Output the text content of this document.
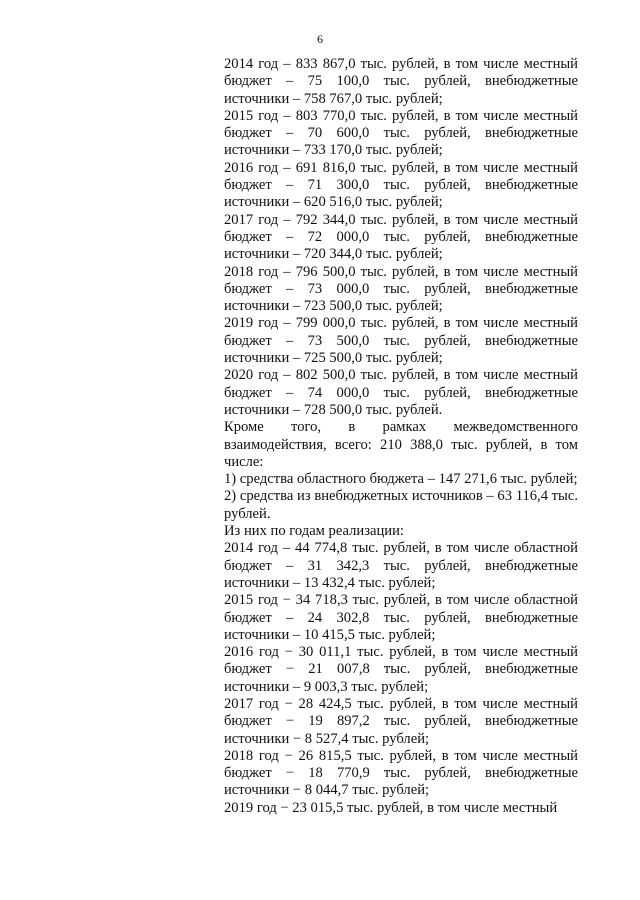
6

2014 год – 833 867,0 тыс. рублей, в том числе местный бюджет – 75 100,0 тыс. рублей, внебюджетные источники – 758 767,0 тыс. рублей;

2015 год – 803 770,0 тыс. рублей, в том числе местный бюджет – 70 600,0 тыс. рублей, внебюджетные источники – 733 170,0 тыс. рублей;

2016 год – 691 816,0 тыс. рублей, в том числе местный бюджет – 71 300,0 тыс. рублей, внебюджетные источники – 620 516,0 тыс. рублей;

2017 год – 792 344,0 тыс. рублей, в том числе местный бюджет – 72 000,0 тыс. рублей, внебюджетные источники – 720 344,0 тыс. рублей;

2018 год – 796 500,0 тыс. рублей, в том числе местный бюджет – 73 000,0 тыс. рублей, внебюджетные источники – 723 500,0 тыс. рублей;

2019 год – 799 000,0 тыс. рублей, в том числе местный бюджет – 73 500,0 тыс. рублей, внебюджетные источники – 725 500,0 тыс. рублей;

2020 год – 802 500,0 тыс. рублей, в том числе местный бюджет – 74 000,0 тыс. рублей, внебюджетные источники – 728 500,0 тыс. рублей.

Кроме того, в рамках межведомственного взаимодействия, всего: 210 388,0 тыс. рублей, в том числе:

1) средства областного бюджета – 147 271,6 тыс. рублей;

2) средства из внебюджетных источников – 63 116,4 тыс. рублей.

Из них по годам реализации:

2014 год – 44 774,8 тыс. рублей, в том числе областной бюджет – 31 342,3 тыс. рублей, внебюджетные источники – 13 432,4 тыс. рублей;

2015 год − 34 718,3 тыс. рублей, в том числе областной бюджет – 24 302,8 тыс. рублей, внебюджетные источники – 10 415,5 тыс. рублей;

2016 год − 30 011,1 тыс. рублей, в том числе местный бюджет − 21 007,8 тыс. рублей, внебюджетные источники – 9 003,3 тыс. рублей;

2017 год − 28 424,5 тыс. рублей, в том числе местный бюджет − 19 897,2 тыс. рублей, внебюджетные источники − 8 527,4 тыс. рублей;

2018 год − 26 815,5 тыс. рублей, в том числе местный бюджет − 18 770,9 тыс. рублей, внебюджетные источники − 8 044,7 тыс. рублей;

2019 год − 23 015,5 тыс. рублей, в том числе местный
